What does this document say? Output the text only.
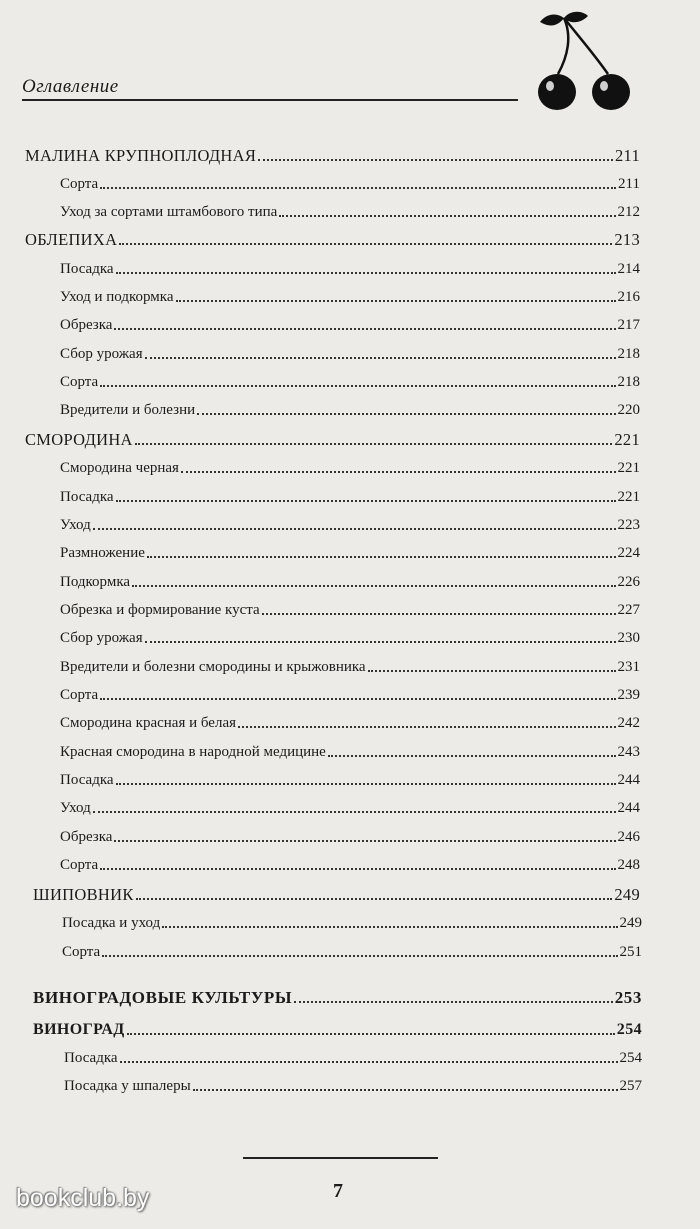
Оглавление
МАЛИНА КРУПНОПЛОДНАЯ	211
Сорта	211
Уход за сортами штамбового типа	212
ОБЛЕПИХА	213
Посадка	214
Уход и подкормка	216
Обрезка	217
Сбор урожая	218
Сорта	218
Вредители и болезни	220
СМОРОДИНА	221
Смородина черная	221
Посадка	221
Уход	223
Размножение	224
Подкормка	226
Обрезка и формирование куста	227
Сбор урожая	230
Вредители и болезни смородины и крыжовника	231
Сорта	239
Смородина красная и белая	242
Красная смородина в народной медицине	243
Посадка	244
Уход	244
Обрезка	246
Сорта	248
ШИПОВНИК	249
Посадка и уход	249
Сорта	251
ВИНОГРАДОВЫЕ КУЛЬТУРЫ	253
ВИНОГРАД	254
Посадка	254
Посадка у шпалеры	257
7
bookclub.by
